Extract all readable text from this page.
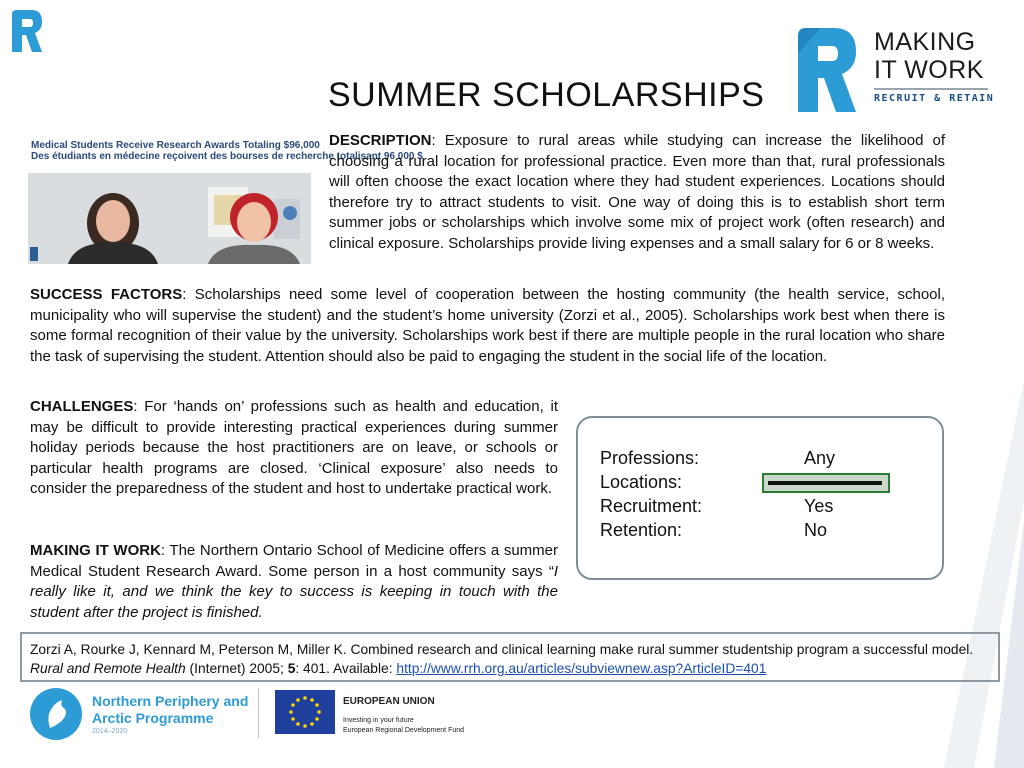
SUMMER SCHOLARSHIPS
MAKING
IT WORK
RECRUIT & RETAIN
Medical Students Receive Research Awards Totaling $96,000
Des étudiants en médecine reçoivent des bourses de recherche totalisant 96 000 $
DESCRIPTION: Exposure to rural areas while studying can increase the likelihood of choosing a rural location for professional practice. Even more than that, rural professionals will often choose the exact location where they had student experiences. Locations should therefore try to attract students to visit. One way of doing this is to establish short term summer jobs or scholarships which involve some mix of project work (often research) and clinical exposure. Scholarships provide living expenses and a small salary for 6 or 8 weeks.
SUCCESS FACTORS: Scholarships need some level of cooperation between the hosting community (the health service, school, municipality who will supervise the student) and the student’s home university (Zorzi et al., 2005). Scholarships work best when there is some formal recognition of their value by the university. Scholarships work best if there are multiple people in the rural location who share the task of supervising the student. Attention should also be paid to engaging the student in the social life of the location.
CHALLENGES: For ‘hands on’ professions such as health and education, it may be difficult to provide interesting practical experiences during summer holiday periods because the host practitioners are on leave, or schools or particular health programs are closed. ‘Clinical exposure’ also needs to consider the preparedness of the student and host to undertake practical work.
MAKING IT WORK: The Northern Ontario School of Medicine offers a summer Medical Student Research Award. Some person in a host community says “I really like it, and we think the key to success is keeping in touch with the student after the project is finished.
Professions:	Any
Locations:
Recruitment:	Yes
Retention:	No
Zorzi A, Rourke J, Kennard M, Peterson M, Miller K. Combined research and clinical learning make rural summer studentship program a successful model. Rural and Remote Health (Internet) 2005; 5: 401. Available: http://www.rrh.org.au/articles/subviewnew.asp?ArticleID=401
Northern Periphery and
Arctic Programme
2014–2020
EUROPEAN UNION
Investing in your future
European Regional Development Fund
